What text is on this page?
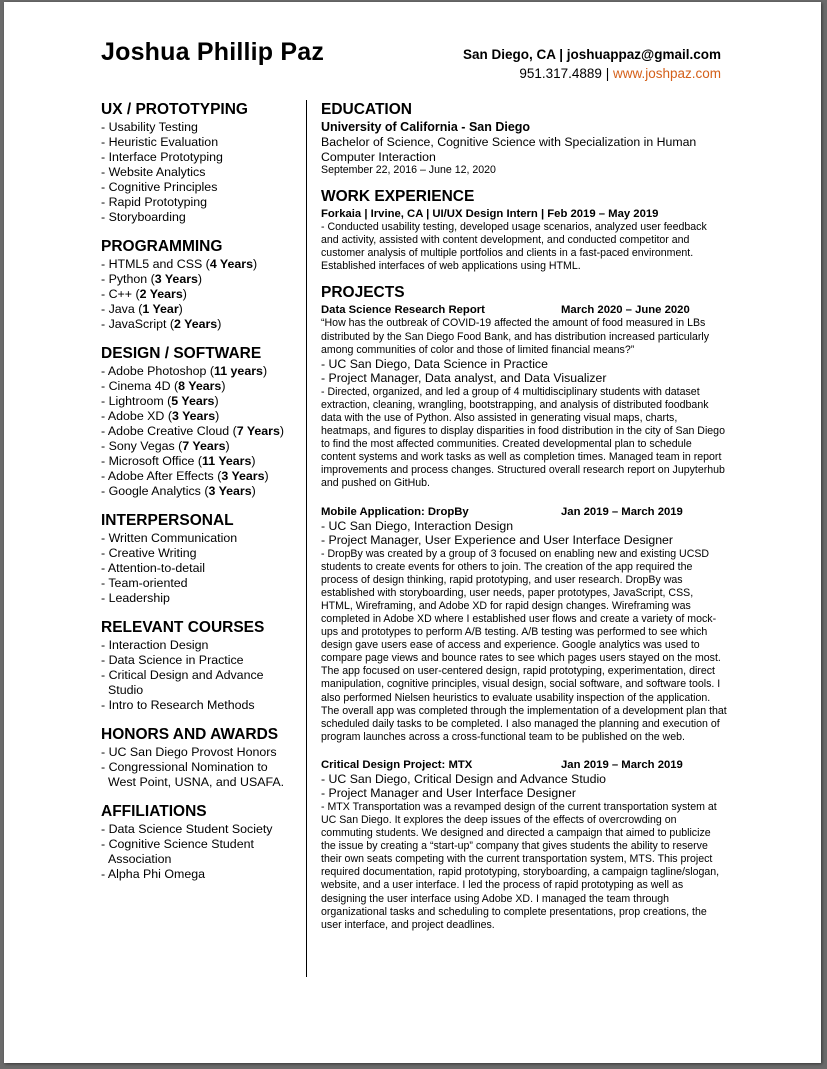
Joshua Phillip Paz	San Diego, CA | joshuappaz@gmail.com
951.317.4889 | www.joshpaz.com
UX / PROTOTYPING
- Usability Testing
- Heuristic Evaluation
- Interface Prototyping
- Website Analytics
- Cognitive Principles
- Rapid Prototyping
- Storyboarding
PROGRAMMING
- HTML5 and CSS (4 Years)
- Python (3 Years)
- C++ (2 Years)
- Java (1 Year)
- JavaScript (2 Years)
DESIGN / SOFTWARE
- Adobe Photoshop (11 years)
- Cinema 4D (8 Years)
- Lightroom (5 Years)
- Adobe XD (3 Years)
- Adobe Creative Cloud (7 Years)
- Sony Vegas (7 Years)
- Microsoft Office (11 Years)
- Adobe After Effects (3 Years)
- Google Analytics (3 Years)
INTERPERSONAL
- Written Communication
- Creative Writing
- Attention-to-detail
- Team-oriented
- Leadership
RELEVANT COURSES
- Interaction Design
- Data Science in Practice
- Critical Design and Advance Studio
- Intro to Research Methods
HONORS AND AWARDS
- UC San Diego Provost Honors
- Congressional Nomination to West Point, USNA, and USAFA.
AFFILIATIONS
- Data Science Student Society
- Cognitive Science Student Association
- Alpha Phi Omega
EDUCATION
University of California - San Diego
Bachelor of Science, Cognitive Science with Specialization in Human Computer Interaction
September 22, 2016 – June 12, 2020
WORK EXPERIENCE
Forkaia | Irvine, CA | UI/UX Design Intern | Feb 2019 – May 2019

- Conducted usability testing, developed usage scenarios, analyzed user feedback and activity, assisted with content development, and conducted competitor and customer analysis of multiple portfolios and clients in a fast-paced environment. Established interfaces of web applications using HTML.

PROJECTS
Data Science Research Report	March 2020 – June 2020
“How has the outbreak of COVID-19 affected the amount of food measured in LBs distributed by the San Diego Food Bank, and has distribution increased particularly among communities of color and those of limited financial means?”
- UC San Diego, Data Science in Practice
- Project Manager, Data analyst, and Data Visualizer

- Directed, organized, and led a group of 4 multidisciplinary students with dataset extraction, cleaning, wrangling, bootstrapping, and analysis of distributed foodbank data with the use of Python. Also assisted in generating visual maps, charts, heatmaps, and figures to display disparities in food distribution in the city of San Diego to find the most affected communities. Created developmental plan to schedule content systems and work tasks as well as completion times. Managed team in report improvements and process changes. Structured overall research report on Jupyterhub and pushed on GitHub.

Mobile Application: DropBy	Jan 2019 – March 2019
- UC San Diego, Interaction Design
- Project Manager, User Experience and User Interface Designer

- DropBy was created by a group of 3 focused on enabling new and existing UCSD students to create events for others to join. The creation of the app required the process of design thinking, rapid prototyping, and user research. DropBy was established with storyboarding, user needs, paper prototypes, JavaScript, CSS, HTML, Wireframing, and Adobe XD for rapid design changes. Wireframing was completed in Adobe XD where I established user flows and create a variety of mock-ups and prototypes to perform A/B testing. A/B testing was performed to see which design gave users ease of access and experience. Google analytics was used to compare page views and bounce rates to see which pages users stayed on the most. The app focused on user-centered design, rapid prototyping, experimentation, direct manipulation, cognitive principles, visual design, social software, and software tools. I also performed Nielsen heuristics to evaluate usability inspection of the application. The overall app was completed through the implementation of a development plan that scheduled daily tasks to be completed. I also managed the planning and execution of program launches across a cross-functional team to be published on the web.

Critical Design Project: MTX	Jan 2019 – March 2019
- UC San Diego, Critical Design and Advance Studio
- Project Manager and User Interface Designer

- MTX Transportation was a revamped design of the current transportation system at UC San Diego. It explores the deep issues of the effects of overcrowding on commuting students. We designed and directed a campaign that aimed to publicize the issue by creating a “start-up” company that gives students the ability to reserve their own seats competing with the current transportation system, MTS. This project required documentation, rapid prototyping, storyboarding, a campaign tagline/slogan, website, and a user interface. I led the process of rapid prototyping as well as designing the user interface using Adobe XD. I managed the team through organizational tasks and scheduling to complete presentations, prop creations, the user interface, and project deadlines.
